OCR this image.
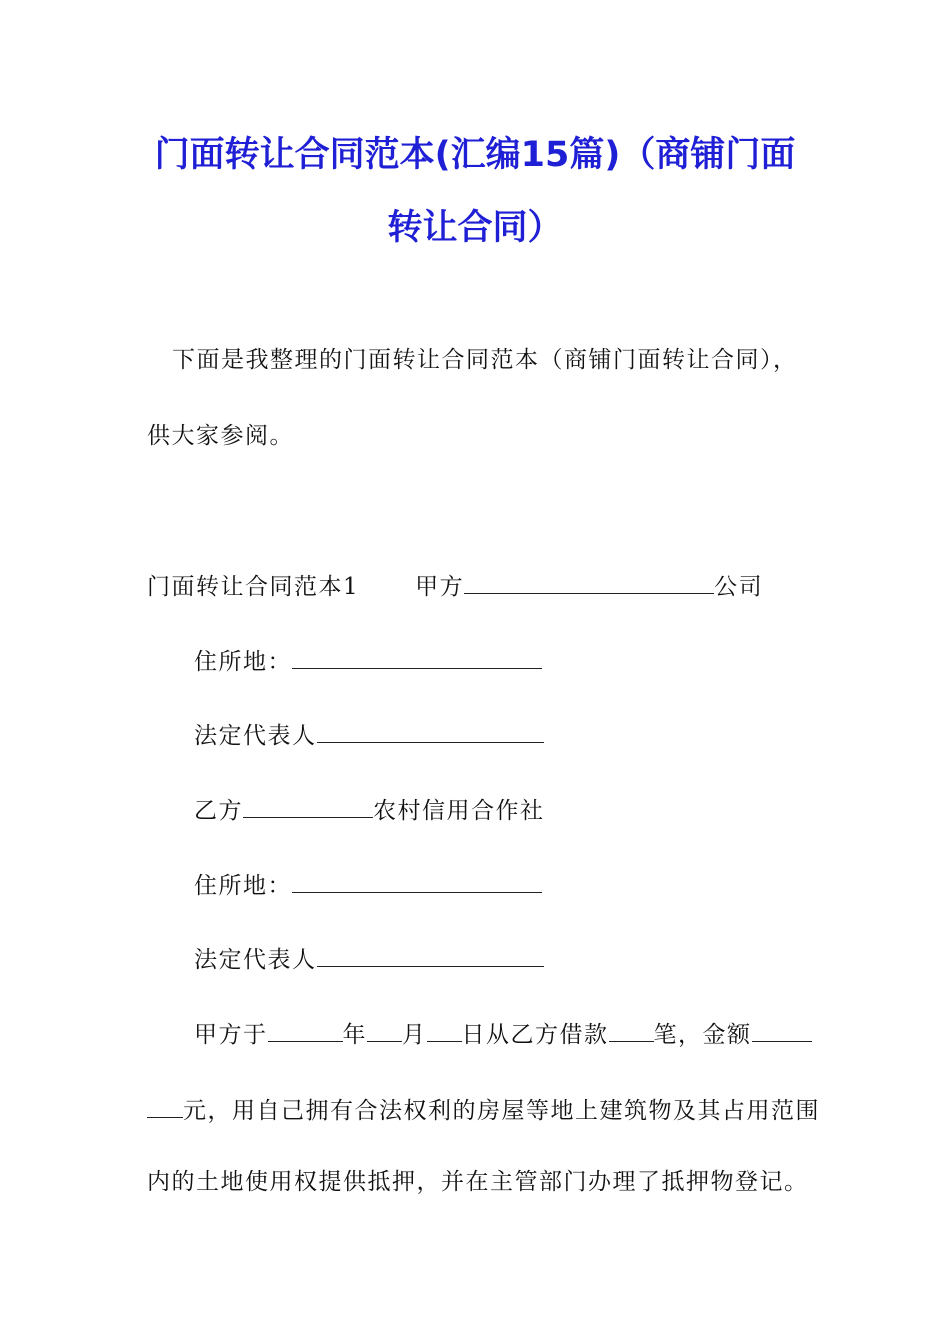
门面转让合同范本(汇编15篇)（商铺门面
转让合同）
下面是我整理的门面转让合同范本（商铺门面转让合同），
供大家参阅。
门面转让合同范本1 甲方	公司
住所地：
法定代表人
乙方	农村信用合作社
住所地：
法定代表人
甲方于	年 月 日从乙方借款 笔，金额
元，用自己拥有合法权利的房屋等地上建筑物及其占用范围
内的土地使用权提供抵押，并在主管部门办理了抵押物登记。
